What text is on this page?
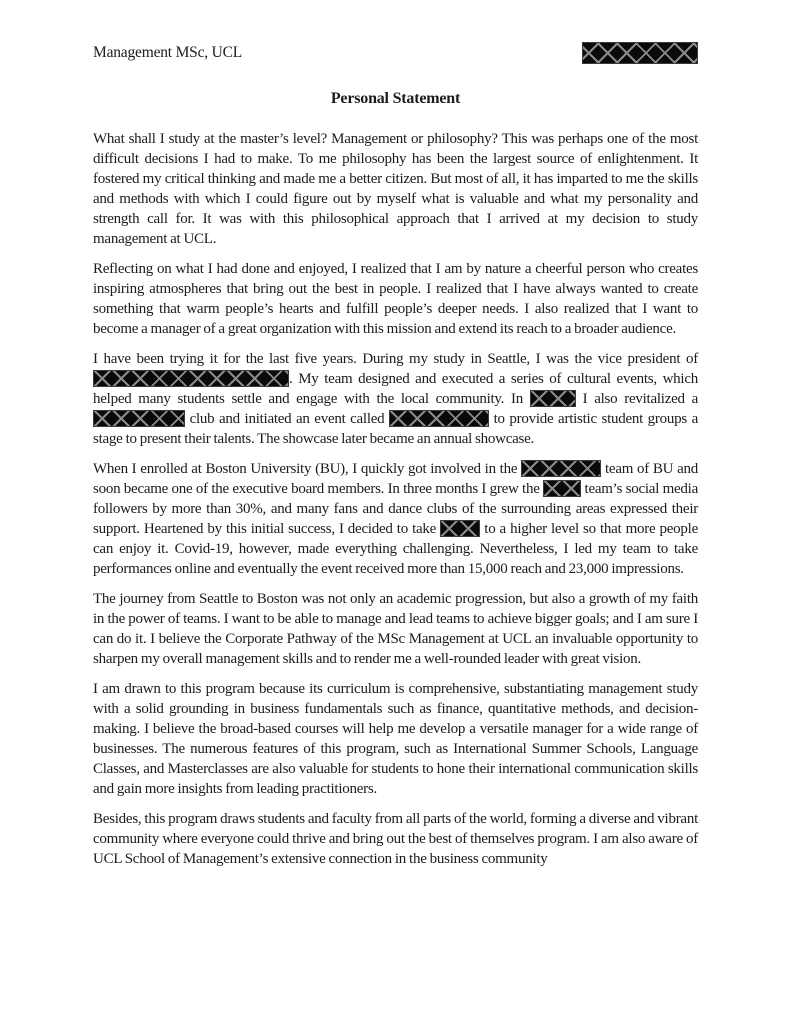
Management MSc, UCL
Personal Statement

What shall I study at the master’s level? Management or philosophy? This was perhaps one of the most difficult decisions I had to make. To me philosophy has been the largest source of enlightenment. It fostered my critical thinking and made me a better citizen. But most of all, it has imparted to me the skills and methods with which I could figure out by myself what is valuable and what my personality and strength call for. It was with this philosophical approach that I arrived at my decision to study management at UCL.

Reflecting on what I had done and enjoyed, I realized that I am by nature a cheerful person who creates inspiring atmospheres that bring out the best in people. I realized that I have always wanted to create something that warm people’s hearts and fulfill people’s deeper needs. I also realized that I want to become a manager of a great organization with this mission and extend its reach to a broader audience.

I have been trying it for the last five years. During my study in Seattle, I was the vice president of . My team designed and executed a series of cultural events, which helped many students settle and engage with the local community. In	I also revitalized a  club and initiated an event called	to provide artistic student groups a stage to present their talents. The showcase later became an annual showcase.

When I enrolled at Boston University (BU), I quickly got involved in the	team of BU and soon became one of the executive board members. In three months I grew the	team’s social media followers by more than 30%, and many fans and dance clubs of the surrounding areas expressed their support. Heartened by this initial success, I decided to take	to a higher level so that more people can enjoy it. Covid-19, however, made everything challenging. Nevertheless, I led my team to take performances online and eventually the event received more than 15,000 reach and 23,000 impressions.

The journey from Seattle to Boston was not only an academic progression, but also a growth of my faith in the power of teams. I want to be able to manage and lead teams to achieve bigger goals; and I am sure I can do it. I believe the Corporate Pathway of the MSc Management at UCL an invaluable opportunity to sharpen my overall management skills and to render me a well-rounded leader with great vision.

I am drawn to this program because its curriculum is comprehensive, substantiating management study with a solid grounding in business fundamentals such as finance, quantitative methods, and decision-making. I believe the broad-based courses will help me develop a versatile manager for a wide range of businesses. The numerous features of this program, such as International Summer Schools, Language Classes, and Masterclasses are also valuable for students to hone their international communication skills and gain more insights from leading practitioners.

Besides, this program draws students and faculty from all parts of the world, forming a diverse and vibrant community where everyone could thrive and bring out the best of themselves program. I am also aware of UCL School of Management’s extensive connection in the business community
